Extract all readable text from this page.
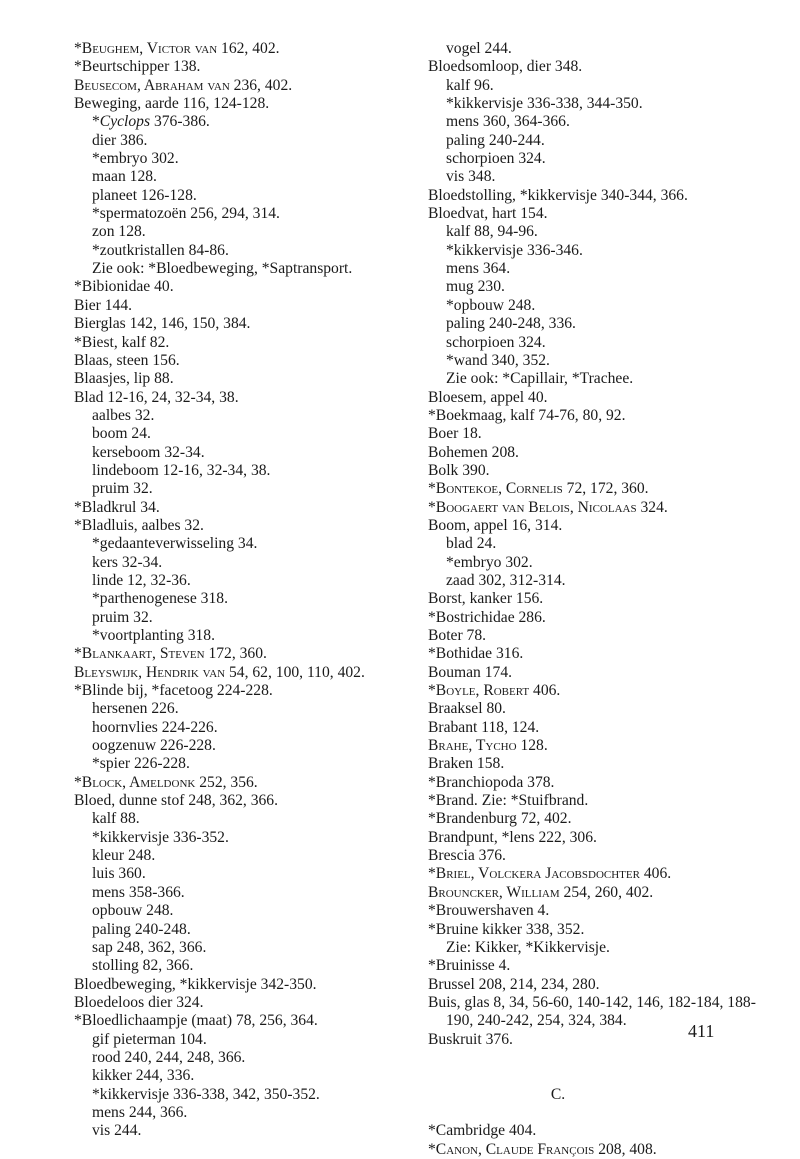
*Beughem, Victor van 162, 402.
*Beurtschipper 138.
Beusecom, Abraham van 236, 402.
Beweging, aarde 116, 124-128.
*Cyclops 376-386.
dier 386.
*embryo 302.
maan 128.
planeet 126-128.
*spermatozoën 256, 294, 314.
zon 128.
*zoutkristallen 84-86.
Zie ook: *Bloedbeweging, *Saptransport.
*Bibionidae 40.
Bier 144.
Bierglas 142, 146, 150, 384.
*Biest, kalf 82.
Blaas, steen 156.
Blaasjes, lip 88.
Blad 12-16, 24, 32-34, 38.
aalbes 32.
boom 24.
kerseboom 32-34.
lindeboom 12-16, 32-34, 38.
pruim 32.
*Bladkrul 34.
*Bladluis, aalbes 32.
*gedaanteverwisseling 34.
kers 32-34.
linde 12, 32-36.
*parthenogenese 318.
pruim 32.
*voortplanting 318.
*Blankaart, Steven 172, 360.
Bleyswijk, Hendrik van 54, 62, 100, 110, 402.
*Blinde bij, *facetoog 224-228.
hersenen 226.
hoornvlies 224-226.
oogzenuw 226-228.
*spier 226-228.
*Block, Ameldonk 252, 356.
Bloed, dunne stof 248, 362, 366.
kalf 88.
*kikkervisje 336-352.
kleur 248.
luis 360.
mens 358-366.
opbouw 248.
paling 240-248.
sap 248, 362, 366.
stolling 82, 366.
Bloedbeweging, *kikkervisje 342-350.
Bloedeloos dier 324.
*Bloedlichaampje (maat) 78, 256, 364.
gif pieterman 104.
rood 240, 244, 248, 366.
kikker 244, 336.
*kikkervisje 336-338, 342, 350-352.
mens 244, 366.
vis 244.
vogel 244.
Bloedsomloop, dier 348.
kalf 96.
*kikkervisje 336-338, 344-350.
mens 360, 364-366.
paling 240-244.
schorpioen 324.
vis 348.
Bloedstolling, *kikkervisje 340-344, 366.
Bloedvat, hart 154.
kalf 88, 94-96.
*kikkervisje 336-346.
mens 364.
mug 230.
*opbouw 248.
paling 240-248, 336.
schorpioen 324.
*wand 340, 352.
Zie ook: *Capillair, *Trachee.
Bloesem, appel 40.
*Boekmaag, kalf 74-76, 80, 92.
Boer 18.
Bohemen 208.
Bolk 390.
*Bontekoe, Cornelis 72, 172, 360.
*Boogaert van Belois, Nicolaas 324.
Boom, appel 16, 314.
blad 24.
*embryo 302.
zaad 302, 312-314.
Borst, kanker 156.
*Bostrichidae 286.
Boter 78.
*Bothidae 316.
Bouman 174.
*Boyle, Robert 406.
Braaksel 80.
Brabant 118, 124.
Brahe, Tycho 128.
Braken 158.
*Branchiopoda 378.
*Brand. Zie: *Stuifbrand.
*Brandenburg 72, 402.
Brandpunt, *lens 222, 306.
Brescia 376.
*Briel, Volckera Jacobsdochter 406.
Brouncker, William 254, 260, 402.
*Brouwershaven 4.
*Bruine kikker 338, 352.
Zie: Kikker, *Kikkervisje.
*Bruinisse 4.
Brussel 208, 214, 234, 280.
Buis, glas 8, 34, 56-60, 140-142, 146, 182-184, 188-190, 240-242, 254, 324, 384.
Buskruit 376.
C.
*Cambridge 404.
*Canon, Claude François 208, 408.
411
